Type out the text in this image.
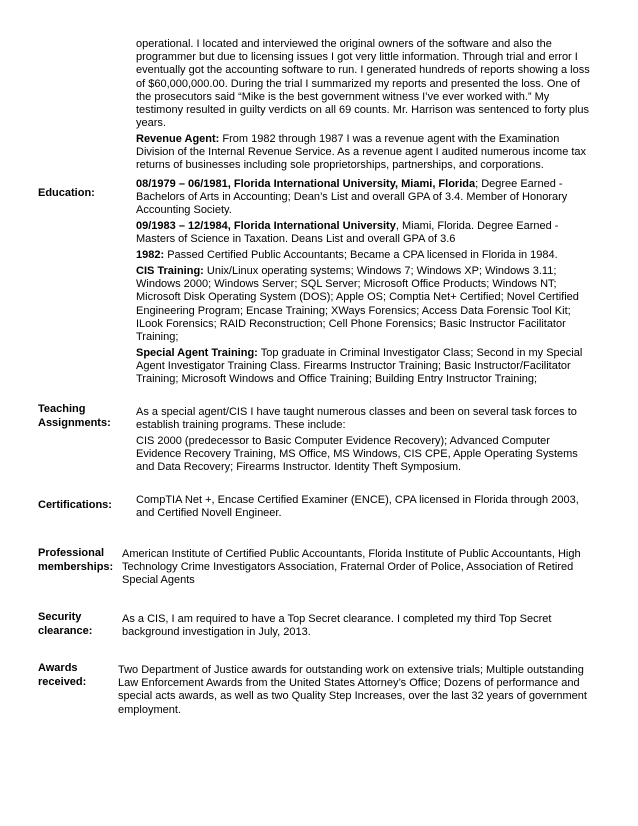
operational. I located and interviewed the original owners of the software and also the programmer but due to licensing issues I got very little information. Through trial and error I eventually got the accounting software to run. I generated hundreds of reports showing a loss of $60,000,000.00. During the trial I summarized my reports and presented the loss. One of the prosecutors said “Mike is the best government witness I’ve ever worked with.” My testimony resulted in guilty verdicts on all 69 counts. Mr. Harrison was sentenced to forty plus years.
Revenue Agent: From 1982 through 1987 I was a revenue agent with the Examination Division of the Internal Revenue Service. As a revenue agent I audited numerous income tax returns of businesses including sole proprietorships, partnerships, and corporations.
Education:
08/1979 – 06/1981, Florida International University, Miami, Florida; Degree Earned - Bachelors of Arts in Accounting; Dean’s List and overall GPA of 3.4. Member of Honorary Accounting Society.
09/1983 – 12/1984, Florida International University, Miami, Florida. Degree Earned - Masters of Science in Taxation. Deans List and overall GPA of 3.6
1982: Passed Certified Public Accountants; Became a CPA licensed in Florida in 1984.
CIS Training: Unix/Linux operating systems; Windows 7; Windows XP; Windows 3.11; Windows 2000; Windows Server; SQL Server; Microsoft Office Products; Windows NT; Microsoft Disk Operating System (DOS); Apple OS; Comptia Net+ Certified; Novel Certified Engineering Program; Encase Training; XWays Forensics; Access Data Forensic Tool Kit; ILook Forensics; RAID Reconstruction; Cell Phone Forensics; Basic Instructor Facilitator Training;
Special Agent Training: Top graduate in Criminal Investigator Class; Second in my Special Agent Investigator Training Class. Firearms Instructor Training; Basic Instructor/Facilitator Training; Microsoft Windows and Office Training; Building Entry Instructor Training;
Teaching
Assignments:
As a special agent/CIS I have taught numerous classes and been on several task forces to establish training programs. These include:
CIS 2000 (predecessor to Basic Computer Evidence Recovery); Advanced Computer Evidence Recovery Training, MS Office, MS Windows, CIS CPE, Apple Operating Systems and Data Recovery; Firearms Instructor. Identity Theft Symposium.
Certifications: CompTIA Net +, Encase Certified Examiner (ENCE), CPA licensed in Florida through 2003, and Certified Novell Engineer.
Professional
memberships:
American Institute of Certified Public Accountants, Florida Institute of Public Accountants, High Technology Crime Investigators Association, Fraternal Order of Police, Association of Retired Special Agents
Security
clearance:
As a CIS, I am required to have a Top Secret clearance. I completed my third Top Secret background investigation in July, 2013.
Awards
received:
Two Department of Justice awards for outstanding work on extensive trials; Multiple outstanding Law Enforcement Awards from the United States Attorney’s Office; Dozens of performance and special acts awards, as well as two Quality Step Increases, over the last 32 years of government employment.
